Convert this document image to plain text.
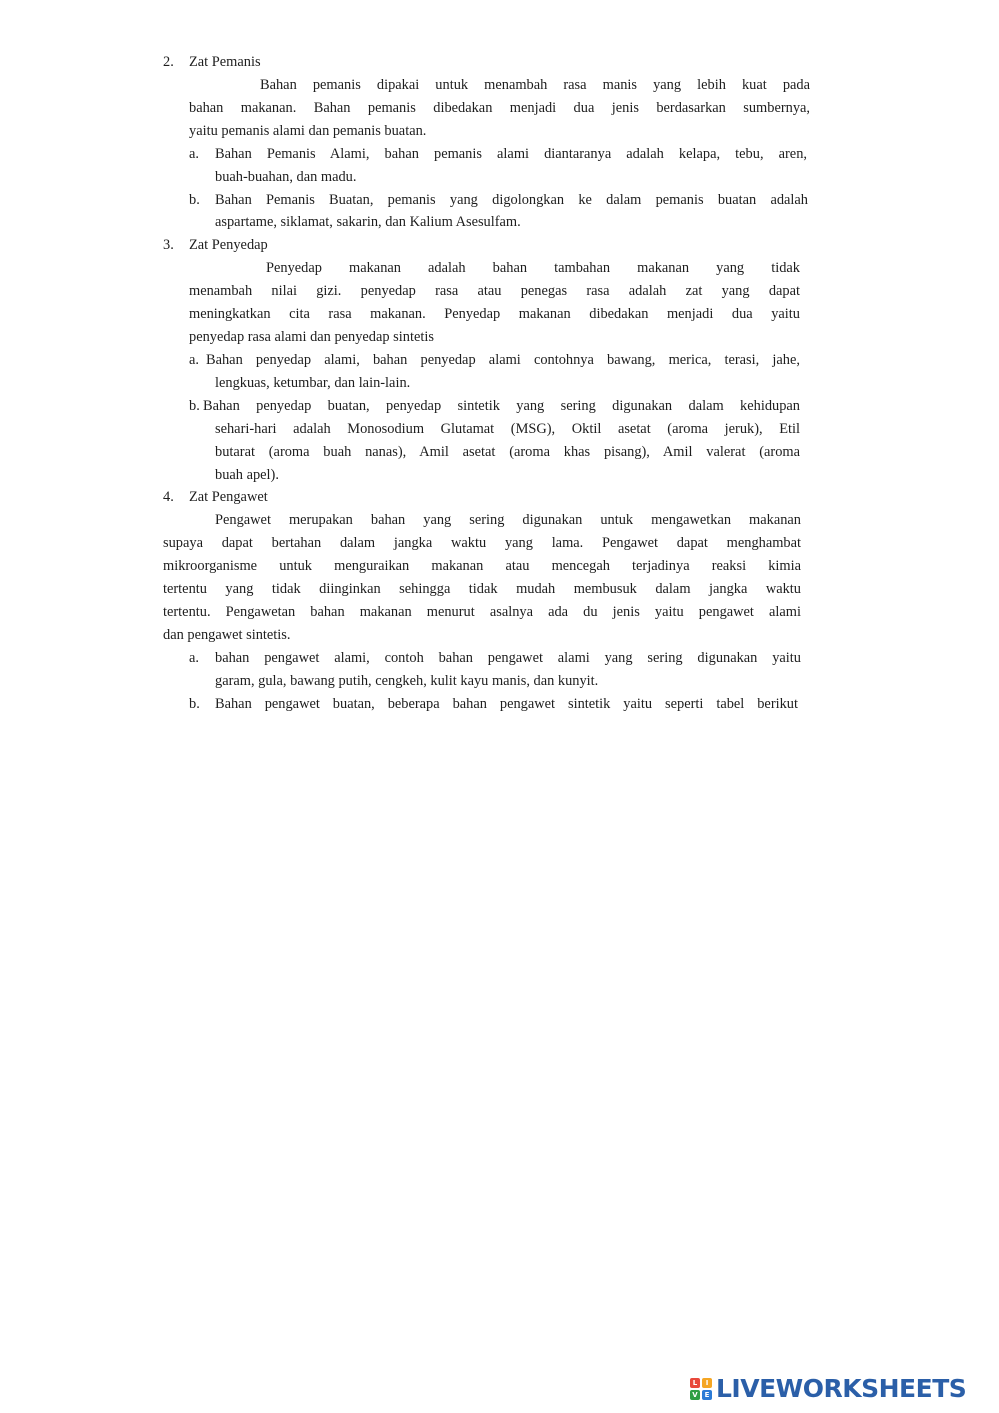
2. Zat Pemanis
Bahan pemanis dipakai untuk menambah rasa manis yang lebih kuat pada
bahan makanan. Bahan pemanis dibedakan menjadi dua jenis berdasarkan sumbernya,
yaitu pemanis alami dan pemanis buatan.
a. Bahan Pemanis Alami, bahan pemanis alami diantaranya adalah kelapa, tebu, aren,
buah-buahan, dan madu.
b. Bahan Pemanis Buatan, pemanis yang digolongkan ke dalam pemanis buatan adalah
aspartame, siklamat, sakarin, dan Kalium Asesulfam.
3. Zat Penyedap
Penyedap makanan adalah bahan tambahan makanan yang tidak
menambah nilai gizi. penyedap rasa atau penegas rasa adalah zat yang dapat
meningkatkan cita rasa makanan. Penyedap makanan dibedakan menjadi dua yaitu
penyedap rasa alami dan penyedap sintetis
a. Bahan penyedap alami, bahan penyedap alami contohnya bawang, merica, terasi, jahe,
lengkuas, ketumbar, dan lain-lain.
b. Bahan penyedap buatan, penyedap sintetik yang sering digunakan dalam kehidupan
sehari-hari adalah Monosodium Glutamat (MSG), Oktil asetat (aroma jeruk), Etil
butarat (aroma buah nanas), Amil asetat (aroma khas pisang), Amil valerat (aroma
buah apel).
4. Zat Pengawet
Pengawet merupakan bahan yang sering digunakan untuk mengawetkan makanan
supaya dapat bertahan dalam jangka waktu yang lama. Pengawet dapat menghambat
mikroorganisme untuk menguraikan makanan atau mencegah terjadinya reaksi kimia
tertentu yang tidak diinginkan sehingga tidak mudah membusuk dalam jangka waktu
tertentu. Pengawetan bahan makanan menurut asalnya ada du jenis yaitu pengawet alami
dan pengawet sintetis.
a. bahan pengawet alami, contoh bahan pengawet alami yang sering digunakan yaitu
garam, gula, bawang putih, cengkeh, kulit kayu manis, dan kunyit.
b. Bahan pengawet buatan, beberapa bahan pengawet sintetik yaitu seperti tabel berikut
L	I
V E LIVEWORKSHEETS
